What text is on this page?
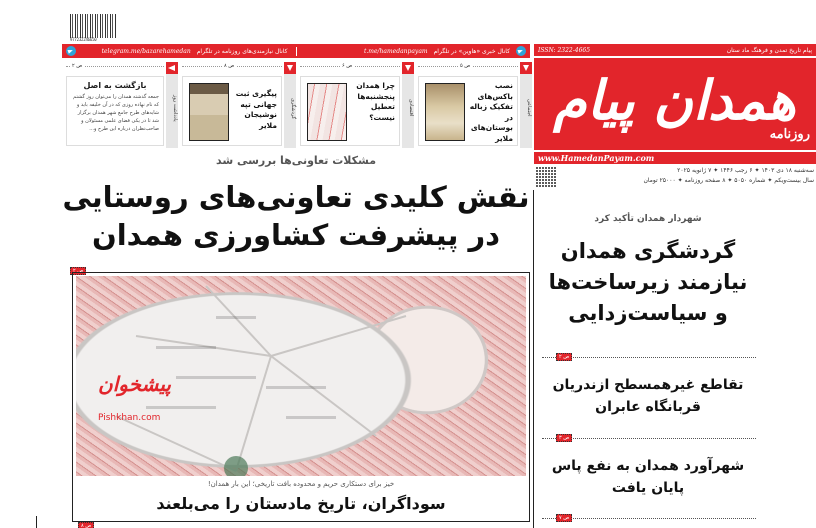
977232246650
کانال خبری «هاوین» در تلگرام
t.me/hamedanpayam
کانال نیازمندی‌های روزنامه در تلگرام
telegram.me/bazarehamedan
اجتماعی
ص ۵
نصب باکس‌های تفکیک زباله در بوستان‌های ملایر
اقتصادی
ص ۶
چرا همدان پنجشنبه‌ها تعطیل نیست؟
گردشگری
ص ۸
پیگیری ثبت جهانی تپه نوشیجان ملایر
یادداشت روز
ص ۲
بازگشت به اصل
جمعه گذشته همدان را می‌توان روز گشتم که نام نهاده روزی که در آن خلیفه باید و شایه‌های طرح جامع شهر همدان برگزار شد تا در یکی فضای علمی مسئولان و صاحب‌نظران درباره این طرح و...
مشکلات تعاونی‌ها بررسی شد
نقش کلیدی تعاونی‌های روستایی
در پیشرفت کشاورزی همدان
ص ۲
پیشخوان
Pishkhan.com
خیز برای دستکاری حریم و محدوده بافت تاریخی؛ این بار همدان!
سوداگران، تاریخ مادستان را می‌بلعند
ص ۸
ISSN: 2322-4665	پیام تاریخ تمدن و فرهنگ ماد ستان
همدان پیام
روزنامه
www.HamedanPayam.com
سه‌شنبه ۱۸ دی ۱۴۰۳ ✦ ۶ رجب ۱۴۴۶ ✦ ۷ ژانویه ۲۰۲۵
سال بیست‌ویکم ✦ شماره ۵۰۵۰ ✦ ۸ صفحه روزنامه ✦ ۲۵۰۰۰ تومان
شهردار همدان تأکید کرد
گردشگری همدان نیازمند زیرساخت‌ها و سیاست‌زدایی
ص ۲
تقاطع غیرهمسطح ازندریان قربانگاه عابران
ص ۳
شهرآورد همدان به نفع پاس پایان یافت
ص ۷
